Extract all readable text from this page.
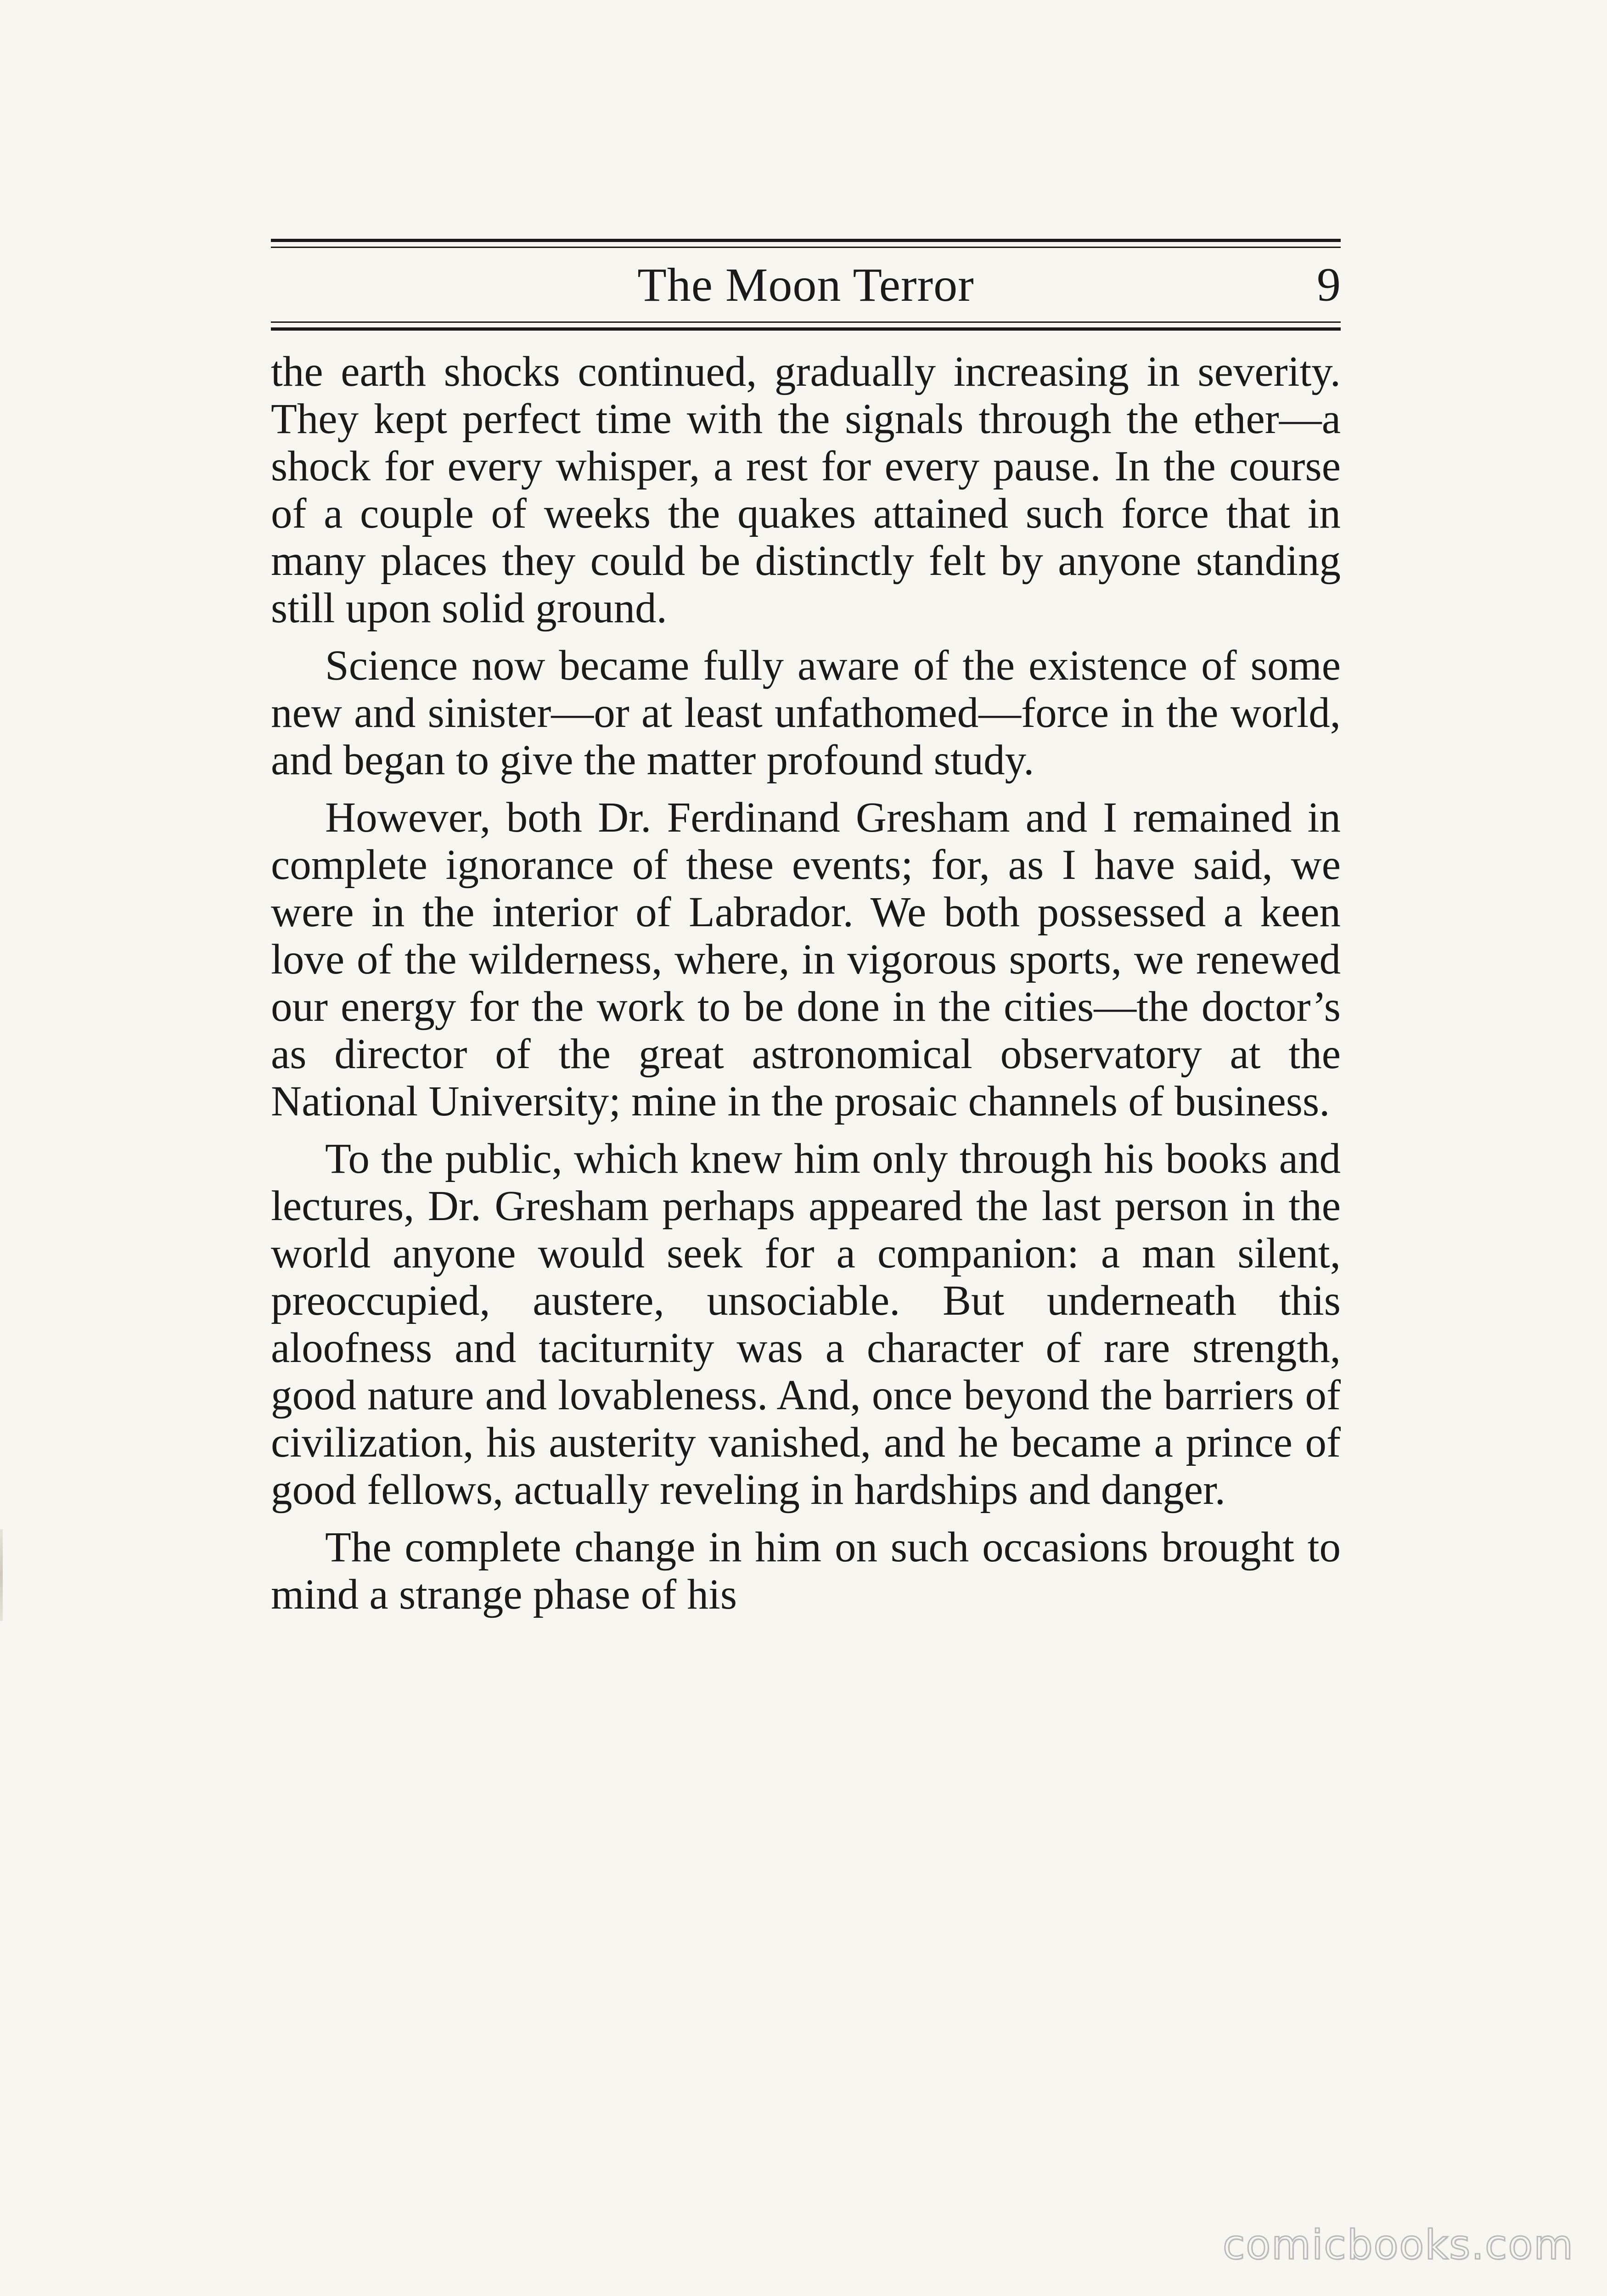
The Moon Terror	9

the earth shocks continued, gradually increasing in severity. They kept perfect time with the signals through the ether—a shock for every whisper, a rest for every pause. In the course of a couple of weeks the quakes attained such force that in many places they could be distinctly felt by anyone standing still upon solid ground.

Science now became fully aware of the existence of some new and sinister—or at least unfathomed—force in the world, and began to give the matter profound study.

However, both Dr. Ferdinand Gresham and I remained in complete ignorance of these events; for, as I have said, we were in the interior of Labrador. We both possessed a keen love of the wilderness, where, in vigorous sports, we renewed our energy for the work to be done in the cities—the doctor’s as director of the great astronomical observatory at the National University; mine in the prosaic channels of business.

To the public, which knew him only through his books and lectures, Dr. Gresham perhaps appeared the last person in the world anyone would seek for a companion: a man silent, preoccupied, austere, unsociable. But underneath this aloofness and taciturnity was a character of rare strength, good nature and lovableness. And, once beyond the barriers of civilization, his austerity vanished, and he became a prince of good fellows, actually reveling in hardships and danger.

The complete change in him on such occasions brought to mind a strange phase of his

comicbooks.com
